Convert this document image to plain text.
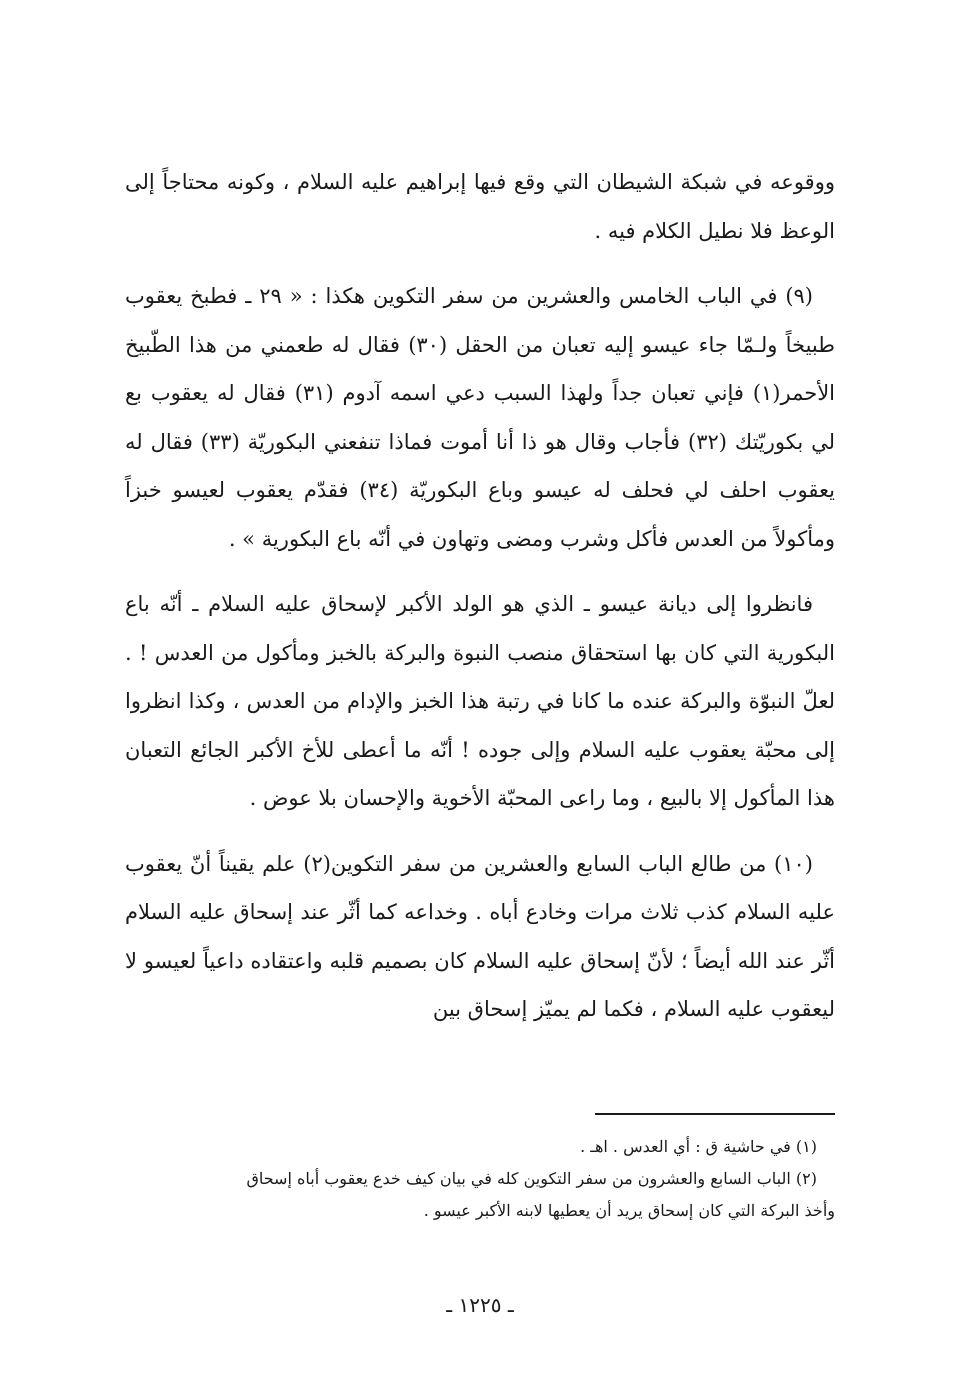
ووقوعه في شبكة الشيطان التي وقع فيها إبراهيم عليه السلام ، وكونه محتاجاً إلى الوعظ فلا نطيل الكلام فيه .

(٩) في الباب الخامس والعشرين من سفر التكوين هكذا : « ٢٩ ـ فطبخ يعقوب طبيخاً ولـمّا جاء عيسو إليه تعبان من الحقل (٣٠) فقال له طعمني من هذا الطّبيخ الأحمر(١) فإني تعبان جداً ولهذا السبب دعي اسمه آدوم (٣١) فقال له يعقوب بع لي بكوريّتك (٣٢) فأجاب وقال هو ذا أنا أموت فماذا تنفعني البكوريّة (٣٣) فقال له يعقوب احلف لي فحلف له عيسو وباع البكوريّة (٣٤) فقدّم يعقوب لعيسو خبزاً ومأكولاً من العدس فأكل وشرب ومضى وتهاون في أنّه باع البكورية » .

فانظروا إلى ديانة عيسو ـ الذي هو الولد الأكبر لإسحاق عليه السلام ـ أنّه باع البكورية التي كان بها استحقاق منصب النبوة والبركة بالخبز ومأكول من العدس ! . لعلّ النبوّة والبركة عنده ما كانا في رتبة هذا الخبز والإدام من العدس ، وكذا انظروا إلى محبّة يعقوب عليه السلام وإلى جوده ! أنّه ما أعطى للأخ الأكبر الجائع التعبان هذا المأكول إلا بالبيع ، وما راعى المحبّة الأخوية والإحسان بلا عوض .

(١٠) من طالع الباب السابع والعشرين من سفر التكوين(٢) علم يقيناً أنّ يعقوب عليه السلام كذب ثلاث مرات وخادع أباه . وخداعه كما أثّر عند إسحاق عليه السلام أثّر عند الله أيضاً ؛ لأنّ إسحاق عليه السلام كان بصميم قلبه واعتقاده داعياً لعيسو لا ليعقوب عليه السلام ، فكما لم يميّز إسحاق بين

(١) في حاشية ق : أي العدس . اهـ .

(٢) الباب السابع والعشرون من سفر التكوين كله في بيان كيف خدع يعقوب أباه إسحاق

وأخذ البركة التي كان إسحاق يريد أن يعطيها لابنه الأكبر عيسو .

ـ ١٢٢٥ ـ
